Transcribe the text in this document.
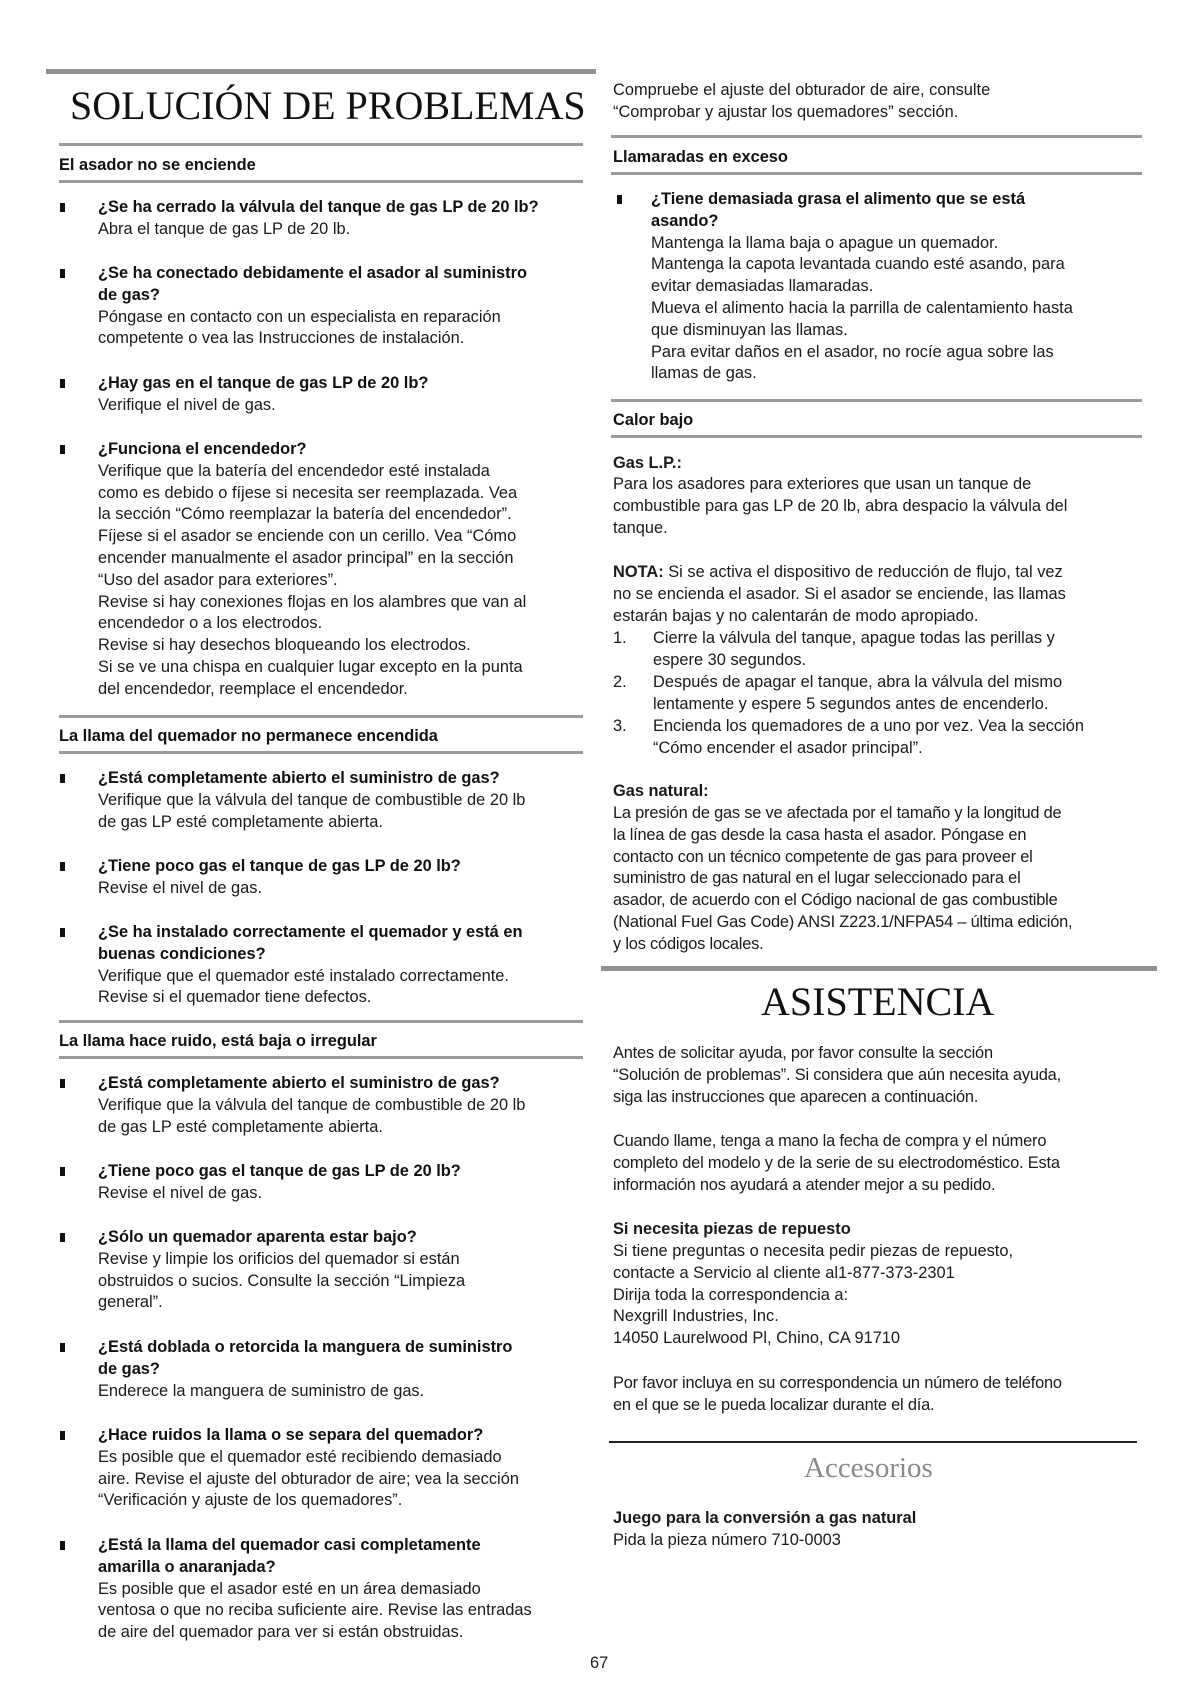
SOLUCIÓN DE PROBLEMAS
El asador no se enciende
¿Se ha cerrado la válvula del tanque de gas LP de 20 lb?
Abra el tanque de gas LP de 20 lb.
¿Se ha conectado debidamente el asador al suministro
de gas?
Póngase en contacto con un especialista en reparación
competente o vea las Instrucciones de instalación.
¿Hay gas en el tanque de gas LP de 20 lb?
Verifique el nivel de gas.
¿Funciona el encendedor?
Verifique que la batería del encendedor esté instalada
como es debido o fíjese si necesita ser reemplazada. Vea
la sección “Cómo reemplazar la batería del encendedor”.
Fíjese si el asador se enciende con un cerillo. Vea “Cómo
encender manualmente el asador principal” en la sección
“Uso del asador para exteriores”.
Revise si hay conexiones flojas en los alambres que van al
encendedor o a los electrodos.
Revise si hay desechos bloqueando los electrodos.
Si se ve una chispa en cualquier lugar excepto en la punta
del encendedor, reemplace el encendedor.
La llama del quemador no permanece encendida
¿Está completamente abierto el suministro de gas?
Verifique que la válvula del tanque de combustible de 20 lb
de gas LP esté completamente abierta.
¿Tiene poco gas el tanque de gas LP de 20 lb?
Revise el nivel de gas.
¿Se ha instalado correctamente el quemador y está en
buenas condiciones?
Verifique que el quemador esté instalado correctamente.
Revise si el quemador tiene defectos.
La llama hace ruido, está baja o irregular
¿Está completamente abierto el suministro de gas?
Verifique que la válvula del tanque de combustible de 20 lb
de gas LP esté completamente abierta.
¿Tiene poco gas el tanque de gas LP de 20 lb?
Revise el nivel de gas.
¿Sólo un quemador aparenta estar bajo?
Revise y limpie los orificios del quemador si están
obstruidos o sucios. Consulte la sección “Limpieza
general”.
¿Está doblada o retorcida la manguera de suministro
de gas?
Enderece la manguera de suministro de gas.
¿Hace ruidos la llama o se separa del quemador?
Es posible que el quemador esté recibiendo demasiado
aire. Revise el ajuste del obturador de aire; vea la sección
“Verificación y ajuste de los quemadores”.
¿Está la llama del quemador casi completamente
amarilla o anaranjada?
Es posible que el asador esté en un área demasiado
ventosa o que no reciba suficiente aire. Revise las entradas
de aire del quemador para ver si están obstruidas.
Compruebe el ajuste del obturador de aire, consulte
“Comprobar y ajustar los quemadores” sección.
Llamaradas en exceso
¿Tiene demasiada grasa el alimento que se está
asando?
Mantenga la llama baja o apague un quemador.
Mantenga la capota levantada cuando esté asando, para
evitar demasiadas llamaradas.
Mueva el alimento hacia la parrilla de calentamiento hasta
que disminuyan las llamas.
Para evitar daños en el asador, no rocíe agua sobre las
llamas de gas.
Calor bajo
Gas L.P.:
Para los asadores para exteriores que usan un tanque de
combustible para gas LP de 20 lb, abra despacio la válvula del
tanque.
NOTA: Si se activa el dispositivo de reducción de flujo, tal vez
no se encienda el asador. Si el asador se enciende, las llamas
estarán bajas y no calentarán de modo apropiado.
1. Cierre la válvula del tanque, apague todas las perillas y
espere 30 segundos.
2. Después de apagar el tanque, abra la válvula del mismo
lentamente y espere 5 segundos antes de encenderlo.
3. Encienda los quemadores de a uno por vez. Vea la sección
“Cómo encender el asador principal”.
Gas natural:
La presión de gas se ve afectada por el tamaño y la longitud de
la línea de gas desde la casa hasta el asador. Póngase en
contacto con un técnico competente de gas para proveer el
suministro de gas natural en el lugar seleccionado para el
asador, de acuerdo con el Código nacional de gas combustible
(National Fuel Gas Code) ANSI Z223.1/NFPA54 – última edición,
y los códigos locales.
ASISTENCIA
Antes de solicitar ayuda, por favor consulte la sección
“Solución de problemas”. Si considera que aún necesita ayuda,
siga las instrucciones que aparecen a continuación.
Cuando llame, tenga a mano la fecha de compra y el número
completo del modelo y de la serie de su electrodoméstico. Esta
información nos ayudará a atender mejor a su pedido.
Si necesita piezas de repuesto
Si tiene preguntas o necesita pedir piezas de repuesto,
contacte a Servicio al cliente al1-877-373-2301
Dirija toda la correspondencia a:
Nexgrill Industries, Inc.
14050 Laurelwood Pl, Chino, CA 91710
Por favor incluya en su correspondencia un número de teléfono
en el que se le pueda localizar durante el día.
Accesorios
Juego para la conversión a gas natural
Pida la pieza número 710-0003
67
